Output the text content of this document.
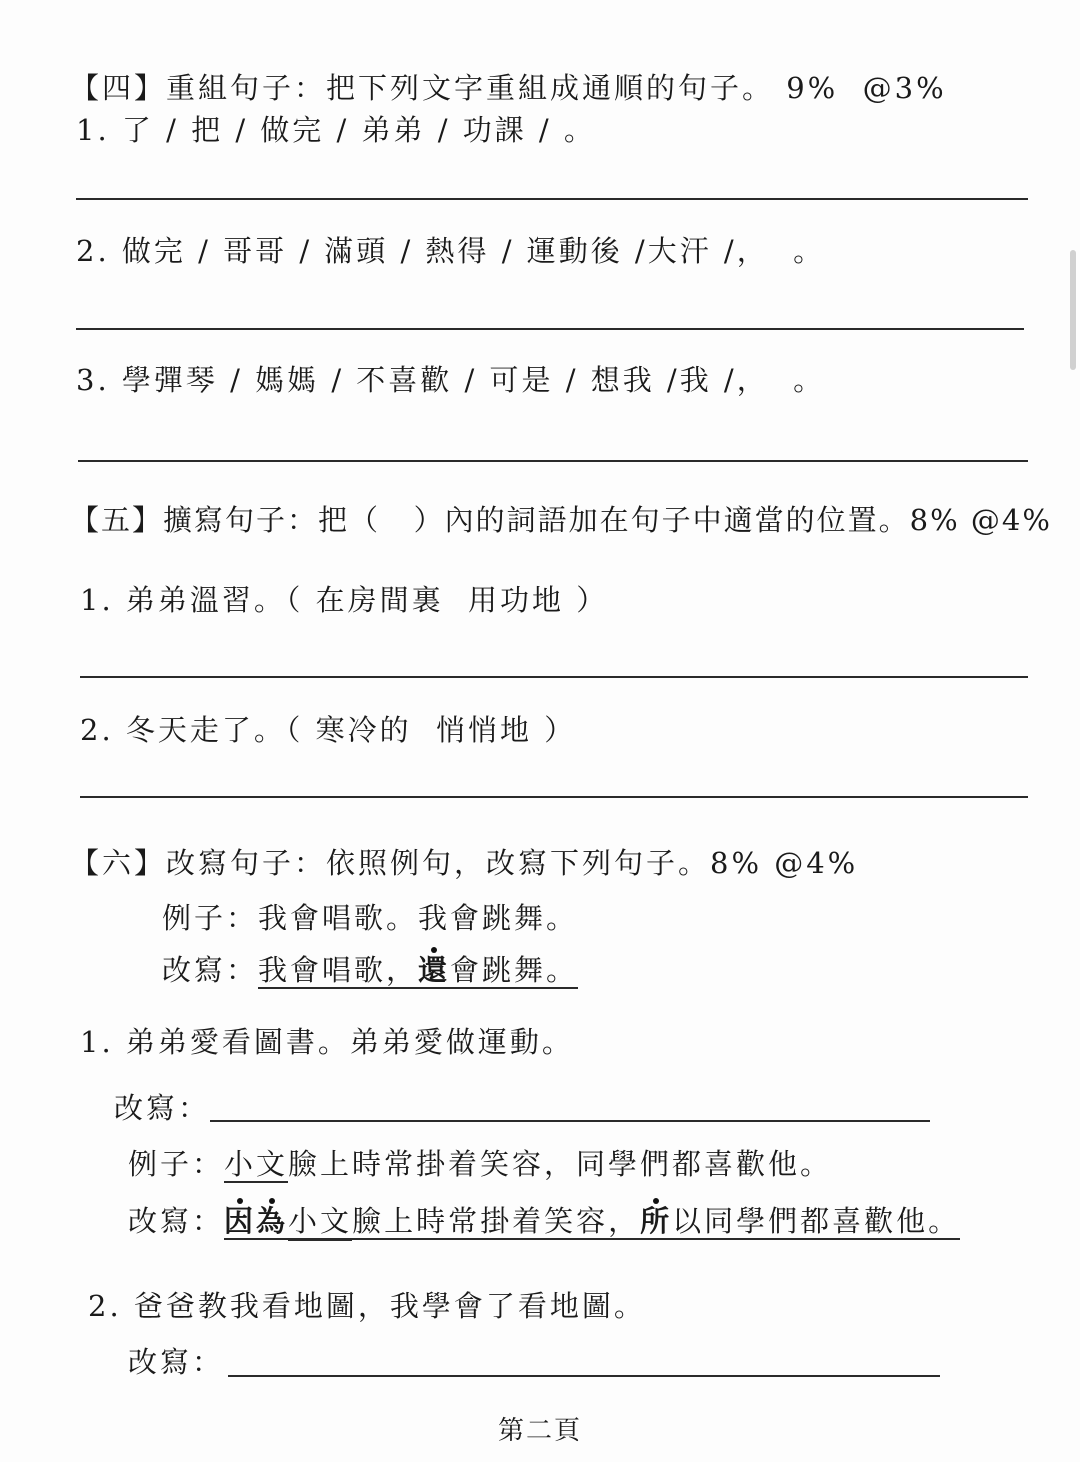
【四】重組句子：把下列文字重組成通順的句子。 9%  @3%
1. 了 / 把 / 做完 / 弟弟 / 功課 / 。
2. 做完 / 哥哥 / 滿頭 / 熱得 / 運動後 /大汗 /，  。
3. 學彈琴 / 媽媽 / 不喜歡 / 可是 / 想我 /我 /，  。
【五】擴寫句子：把（   ）內的詞語加在句子中適當的位置。8% @4%
1. 弟弟溫習。（ 在房間裏  用功地 ）
2. 冬天走了。（ 寒冷的  悄悄地 ）
【六】改寫句子：依照例句，改寫下列句子。8% @4%
例子：我會唱歌。我會跳舞。
改寫：我會唱歌，還會跳舞。
1. 弟弟愛看圖書。弟弟愛做運動。
改寫：
例子：小文臉上時常掛着笑容，同學們都喜歡他。
改寫：因為小文臉上時常掛着笑容，所以同學們都喜歡他。
2. 爸爸教我看地圖，我學會了看地圖。
改寫：
第二頁
